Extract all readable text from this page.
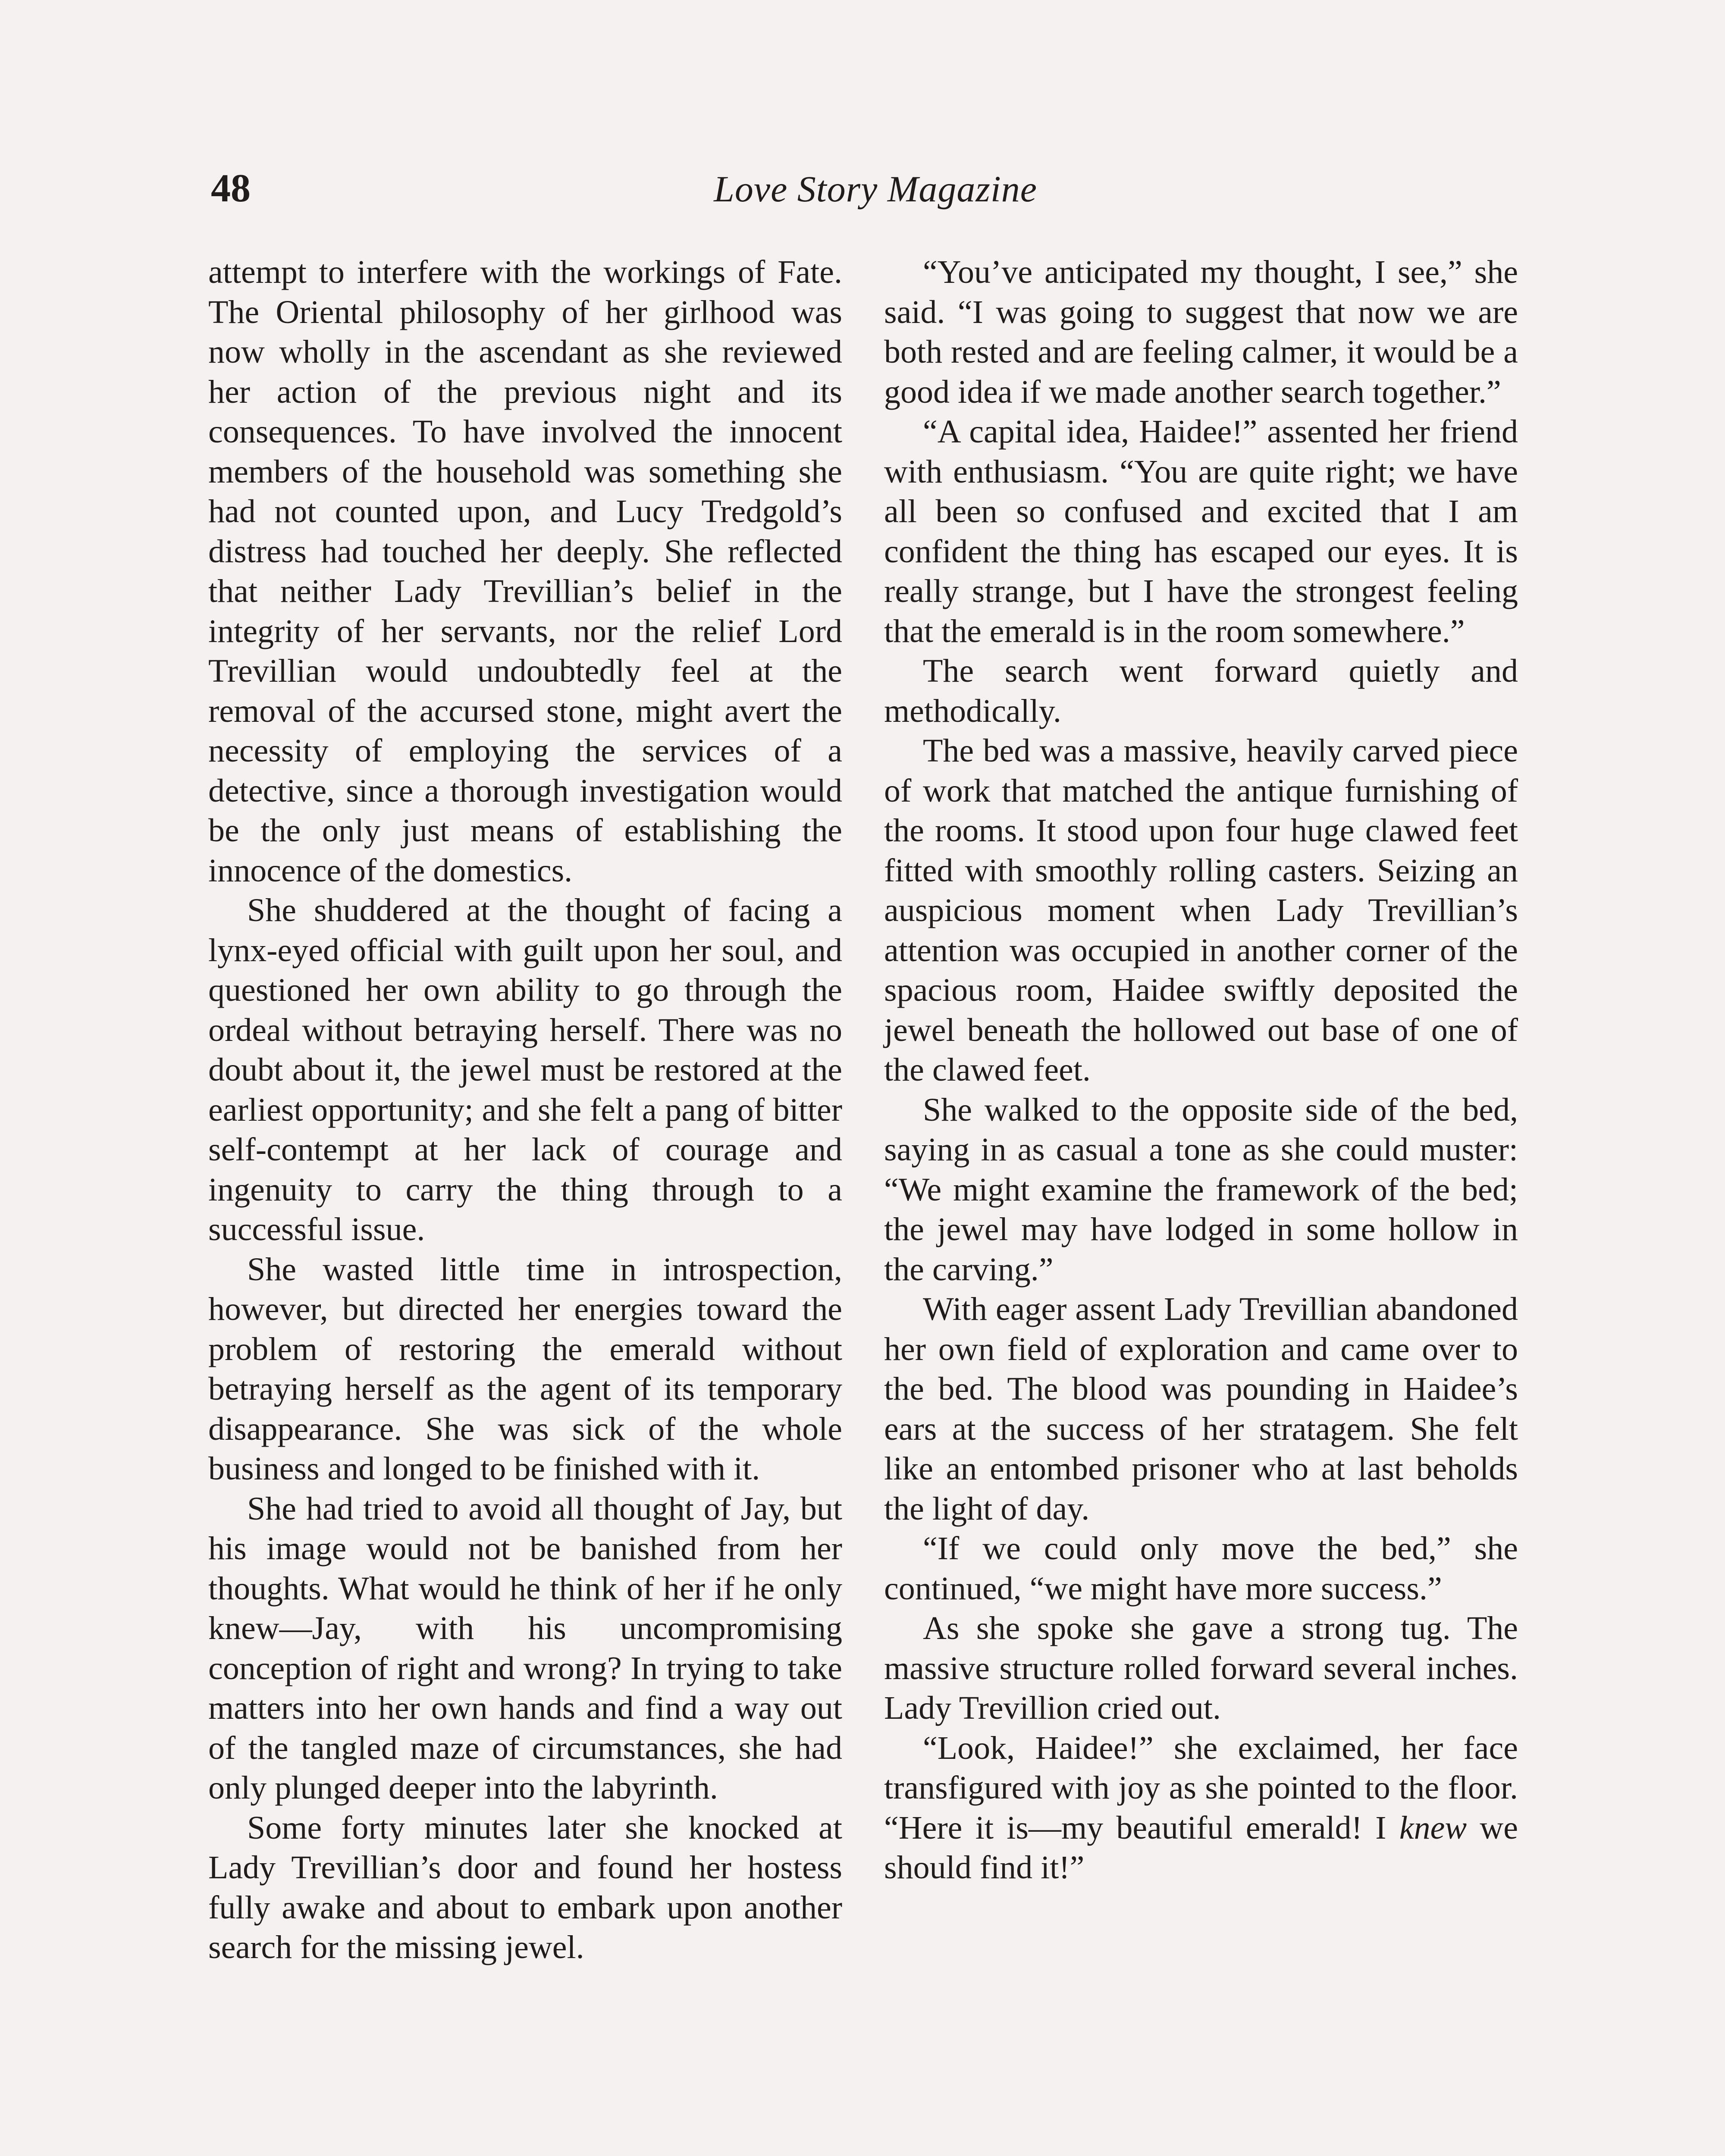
48	Love Story Magazine

attempt to interfere with the workings of Fate. The Oriental philosophy of her girlhood was now wholly in the ascendant as she reviewed her action of the previous night and its consequences. To have involved the innocent members of the household was something she had not counted upon, and Lucy Tredgold’s distress had touched her deeply. She reflected that neither Lady Trevillian’s belief in the integrity of her servants, nor the relief Lord Trevillian would undoubtedly feel at the removal of the accursed stone, might avert the necessity of employing the services of a detective, since a thorough investigation would be the only just means of establishing the innocence of the domestics.

She shuddered at the thought of facing a lynx-eyed official with guilt upon her soul, and questioned her own ability to go through the ordeal without betraying herself. There was no doubt about it, the jewel must be restored at the earliest opportunity; and she felt a pang of bitter self-contempt at her lack of courage and ingenuity to carry the thing through to a successful issue.

She wasted little time in introspection, however, but directed her energies toward the problem of restoring the emerald without betraying herself as the agent of its temporary disappearance. She was sick of the whole business and longed to be finished with it.

She had tried to avoid all thought of Jay, but his image would not be banished from her thoughts. What would he think of her if he only knew—Jay, with his uncompromising conception of right and wrong? In trying to take matters into her own hands and find a way out of the tangled maze of circumstances, she had only plunged deeper into the labyrinth.

Some forty minutes later she knocked at Lady Trevillian’s door and found her hostess fully awake and about to embark upon another search for the missing jewel.

“You’ve anticipated my thought, I see,” she said. “I was going to suggest that now we are both rested and are feeling calmer, it would be a good idea if we made another search together.”

“A capital idea, Haidee!” assented her friend with enthusiasm. “You are quite right; we have all been so confused and excited that I am confident the thing has escaped our eyes. It is really strange, but I have the strongest feeling that the emerald is in the room somewhere.”

The search went forward quietly and methodically.

The bed was a massive, heavily carved piece of work that matched the antique furnishing of the rooms. It stood upon four huge clawed feet fitted with smoothly rolling casters. Seizing an auspicious moment when Lady Trevillian’s attention was occupied in another corner of the spacious room, Haidee swiftly deposited the jewel beneath the hollowed out base of one of the clawed feet.

She walked to the opposite side of the bed, saying in as casual a tone as she could muster: “We might examine the framework of the bed; the jewel may have lodged in some hollow in the carving.”

With eager assent Lady Trevillian abandoned her own field of exploration and came over to the bed. The blood was pounding in Haidee’s ears at the success of her stratagem. She felt like an entombed prisoner who at last beholds the light of day.

“If we could only move the bed,” she continued, “we might have more success.”

As she spoke she gave a strong tug. The massive structure rolled forward several inches. Lady Trevillion cried out.

“Look, Haidee!” she exclaimed, her face transfigured with joy as she pointed to the floor. “Here it is—my beautiful emerald! I knew we should find it!”
